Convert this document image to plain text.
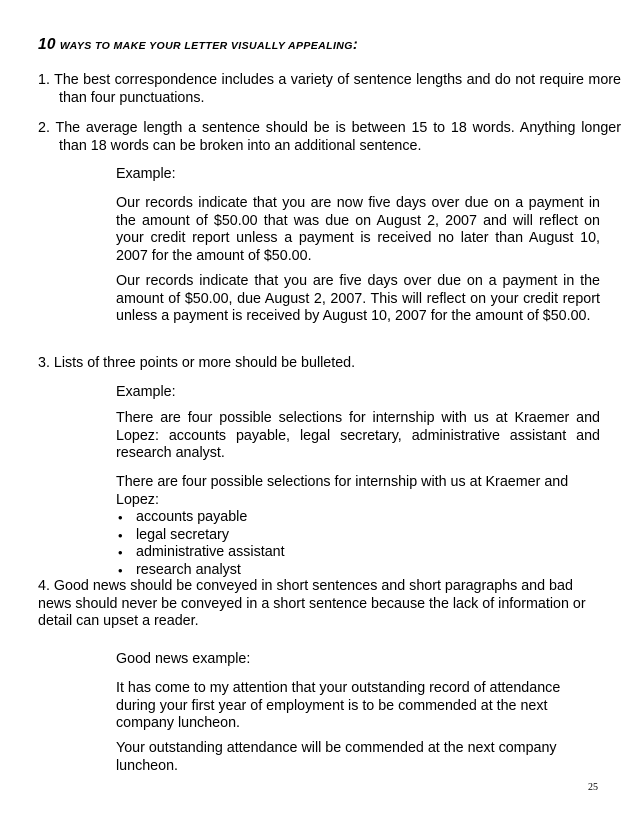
10 WAYS TO MAKE YOUR LETTER VISUALLY APPEALING:
1. The best correspondence includes a variety of sentence lengths and do not require more than four punctuations.
2. The average length a sentence should be is between 15 to 18 words. Anything longer than 18 words can be broken into an additional sentence.
Example:
Our records indicate that you are now five days over due on a payment in the amount of $50.00 that was due on August 2, 2007 and will reflect on your credit report unless a payment is received no later than August 10, 2007 for the amount of $50.00.
Our records indicate that you are five days over due on a payment in the amount of $50.00, due August 2, 2007. This will reflect on your credit report unless a payment is received by August 10, 2007 for the amount of $50.00.
3. Lists of three points or more should be bulleted.
Example:
There are four possible selections for internship with us at Kraemer and Lopez: accounts payable, legal secretary, administrative assistant and research analyst.
There are four possible selections for internship with us at Kraemer and Lopez:
• accounts payable
• legal secretary
• administrative assistant
• research analyst
4. Good news should be conveyed in short sentences and short paragraphs and bad news should never be conveyed in a short sentence because the lack of information or detail can upset a reader.
Good news example:
It has come to my attention that your outstanding record of attendance during your first year of employment is to be commended at the next company luncheon.
Your outstanding attendance will be commended at the next company luncheon.
25
